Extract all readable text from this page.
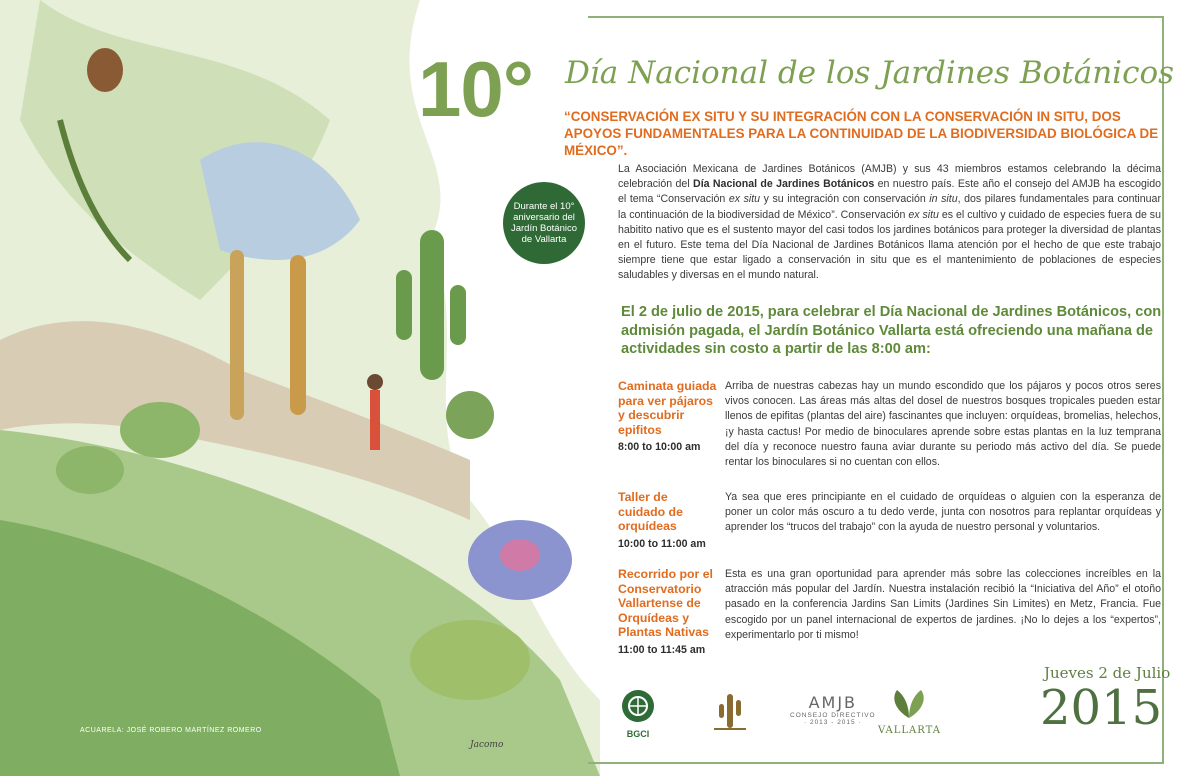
ACUARELA: JOSÉ ROBERO MARTÍNEZ ROMERO
Jacomo
Durante el 10° aniversario del Jardín Botánico de Vallarta
10° Día Nacional de los Jardines Botánicos
“CONSERVACIÓN EX SITU Y SU INTEGRACIÓN CON LA CONSERVACIÓN IN SITU, DOS APOYOS FUNDAMENTALES PARA LA CONTINUIDAD DE LA BIODIVERSIDAD BIOLÓGICA DE MÉXICO”.
La Asociación Mexicana de Jardines Botánicos (AMJB) y sus 43 miembros estamos celebrando la décima celebración del Día Nacional de Jardines Botánicos en nuestro país. Este año el consejo del AMJB ha escogido el tema “Conservación ex situ y su integración con conservación in situ, dos pilares fundamentales para continuar la continuación de la biodiversidad de México”. Conservación ex situ es el cultivo y cuidado de especies fuera de su habitito nativo que es el sustento mayor del casi todos los jardines botánicos para proteger la diversidad de plantas en el futuro. Este tema del Día Nacional de Jardines Botánicos llama atención por el hecho de que este trabajo siempre tiene que estar ligado a conservación in situ que es el mantenimiento de poblaciones de especies saludables y diversas en el mundo natural.
El 2 de julio de 2015, para celebrar el Día Nacional de Jardines Botánicos, con admisión pagada, el Jardín Botánico Vallarta está ofreciendo una mañana de actividades sin costo a partir de las 8:00 am:
Caminata guiada para ver pájaros y descubrir epifitos
8:00 to 10:00 am
Arriba de nuestras cabezas hay un mundo escondido que los pájaros y pocos otros seres vivos conocen. Las áreas más altas del dosel de nuestros bosques tropicales pueden estar llenos de epifitas (plantas del aire) fascinantes que incluyen: orquídeas, bromelias, helechos, ¡y hasta cactus! Por medio de binoculares aprende sobre estas plantas en la luz temprana del día y reconoce nuestro fauna aviar durante su periodo más activo del día. Se puede rentar los binoculares si no cuentan con ellos.
Taller de cuidado de orquídeas
10:00 to 11:00 am
Ya sea que eres principiante en el cuidado de orquídeas o alguien con la esperanza de poner un color más oscuro a tu dedo verde, junta con nosotros para replantar orquídeas y aprender los “trucos del trabajo” con la ayuda de nuestro personal y voluntarios.
Recorrido por el Conservatorio Vallartense de Orquídeas y Plantas Nativas
11:00 to 11:45 am
Esta es una gran oportunidad para aprender más sobre las colecciones increíbles en la atracción más popular del Jardín. Nuestra instalación recibió la “Iniciativa del Año” el otoño pasado en la conferencia Jardins San Limits (Jardines Sin Limites) en Metz, Francia. Fue escogido por un panel internacional de expertos de jardines. ¡No lo dejes a los “expertos”, experimentarlo por ti mismo!
BGCI
AMJB
CONSEJO DIRECTIVO
· 2013 - 2015 ·
VALLARTA
Jueves 2 de Julio
2015
